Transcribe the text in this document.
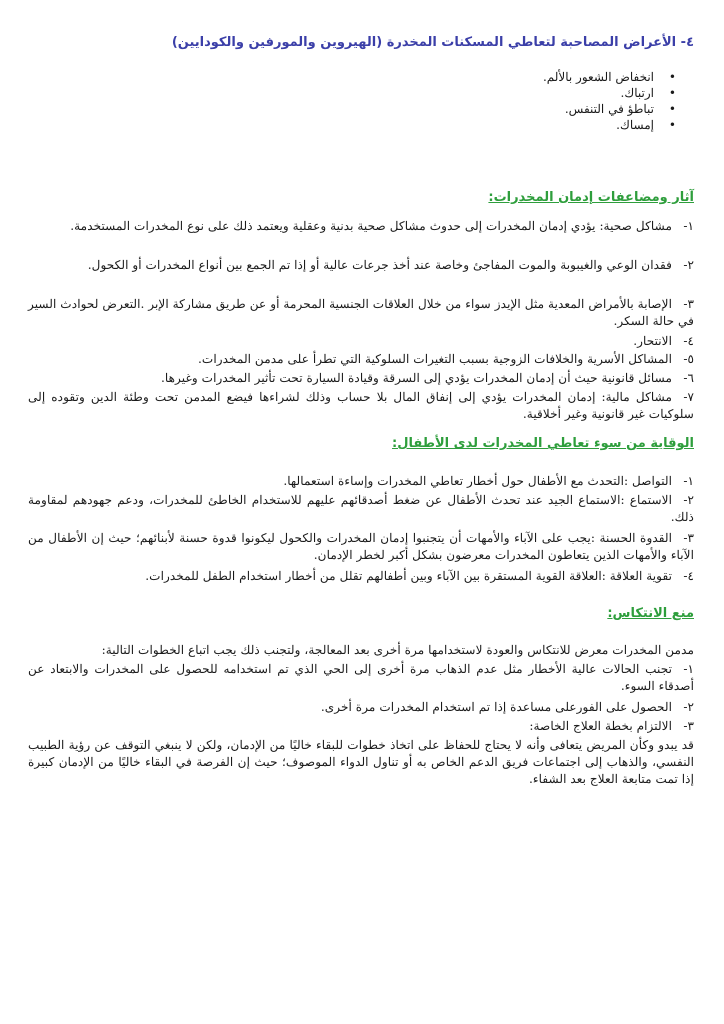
٤- الأعراض المصاحبة لتعاطي المسكنات المخدرة (الهيروين والمورفين والكودايين)
• انخفاض الشعور بالألم.
• ارتباك.
• تباطؤ في التنفس.
• إمساك.
آثار ومضاعفات إدمان المخدرات:
١-مشاكل صحية: يؤدي إدمان المخدرات إلى حدوث مشاكل صحية بدنية وعقلية ويعتمد ذلك على نوع المخدرات المستخدمة.
٢-فقدان الوعي والغيبوبة والموت المفاجئ وخاصة عند أخذ جرعات عالية أو إذا تم الجمع بين أنواع المخدرات أو الكحول.
٣-الإصابة بالأمراض المعدية مثل الإيدز سواء من خلال العلاقات الجنسية المحرمة أو عن طريق مشاركة الإبر .التعرض لحوادث السير في حالة السكر.
٤-الانتحار.
٥-المشاكل الأسرية والخلافات الزوجية بسبب التغيرات السلوكية التي تطرأ على مدمن المخدرات.
٦-مسائل قانونية حيث أن إدمان المخدرات يؤدي إلى السرقة وقيادة السيارة تحت تأثير المخدرات وغيرها.
٧-مشاكل مالية: إدمان المخدرات يؤدي إلى إنفاق المال بلا حساب وذلك لشراءها فيضع المدمن تحت وطئة الدين وتقوده إلى سلوكيات غير قانونية وغير أخلاقية.
الوقاية من سوء تعاطي المخدرات لدى الأطفال:
١-التواصل :التحدث مع الأطفال حول أخطار تعاطي المخدرات وإساءة استعمالها.
٢-الاستماع :الاستماع الجيد عند تحدث الأطفال عن ضغط أصدقائهم عليهم للاستخدام الخاطئ للمخدرات، ودعم جهودهم لمقاومة ذلك.
٣-القدوة الحسنة :يجب على الآباء والأمهات أن يتجنبوا إدمان المخدرات والكحول ليكونوا قدوة حسنة لأبنائهم؛ حيث إن الأطفال من الآباء والأمهات الذين يتعاطون المخدرات معرضون بشكل أكبر لخطر الإدمان.
٤-تقوية العلاقة :العلاقة القوية المستقرة بين الآباء وبين أطفالهم تقلل من أخطار استخدام الطفل للمخدرات.
منع الانتكاس:
مدمن المخدرات معرض للانتكاس والعودة لاستخدامها مرة أخرى بعد المعالجة، ولتجنب ذلك يجب اتباع الخطوات التالية:
١-تجنب الحالات عالية الأخطار مثل عدم الذهاب مرة أخرى إلى الحي الذي تم استخدامه للحصول على المخدرات والابتعاد عن أصدقاء السوء.
٢-الحصول على الفورعلى مساعدة إذا تم استخدام المخدرات مرة أخرى.
٣-الالتزام بخطة العلاج الخاصة:
قد يبدو وكأن المريض يتعافى وأنه لا يحتاج للحفاظ على اتخاذ خطوات للبقاء خاليًا من الإدمان، ولكن لا ينبغي التوقف عن رؤية الطبيب النفسي، والذهاب إلى اجتماعات فريق الدعم الخاص به أو تناول الدواء الموصوف؛ حيث إن الفرصة في البقاء خاليًا من الإدمان كبيرة إذا تمت متابعة العلاج بعد الشفاء.
